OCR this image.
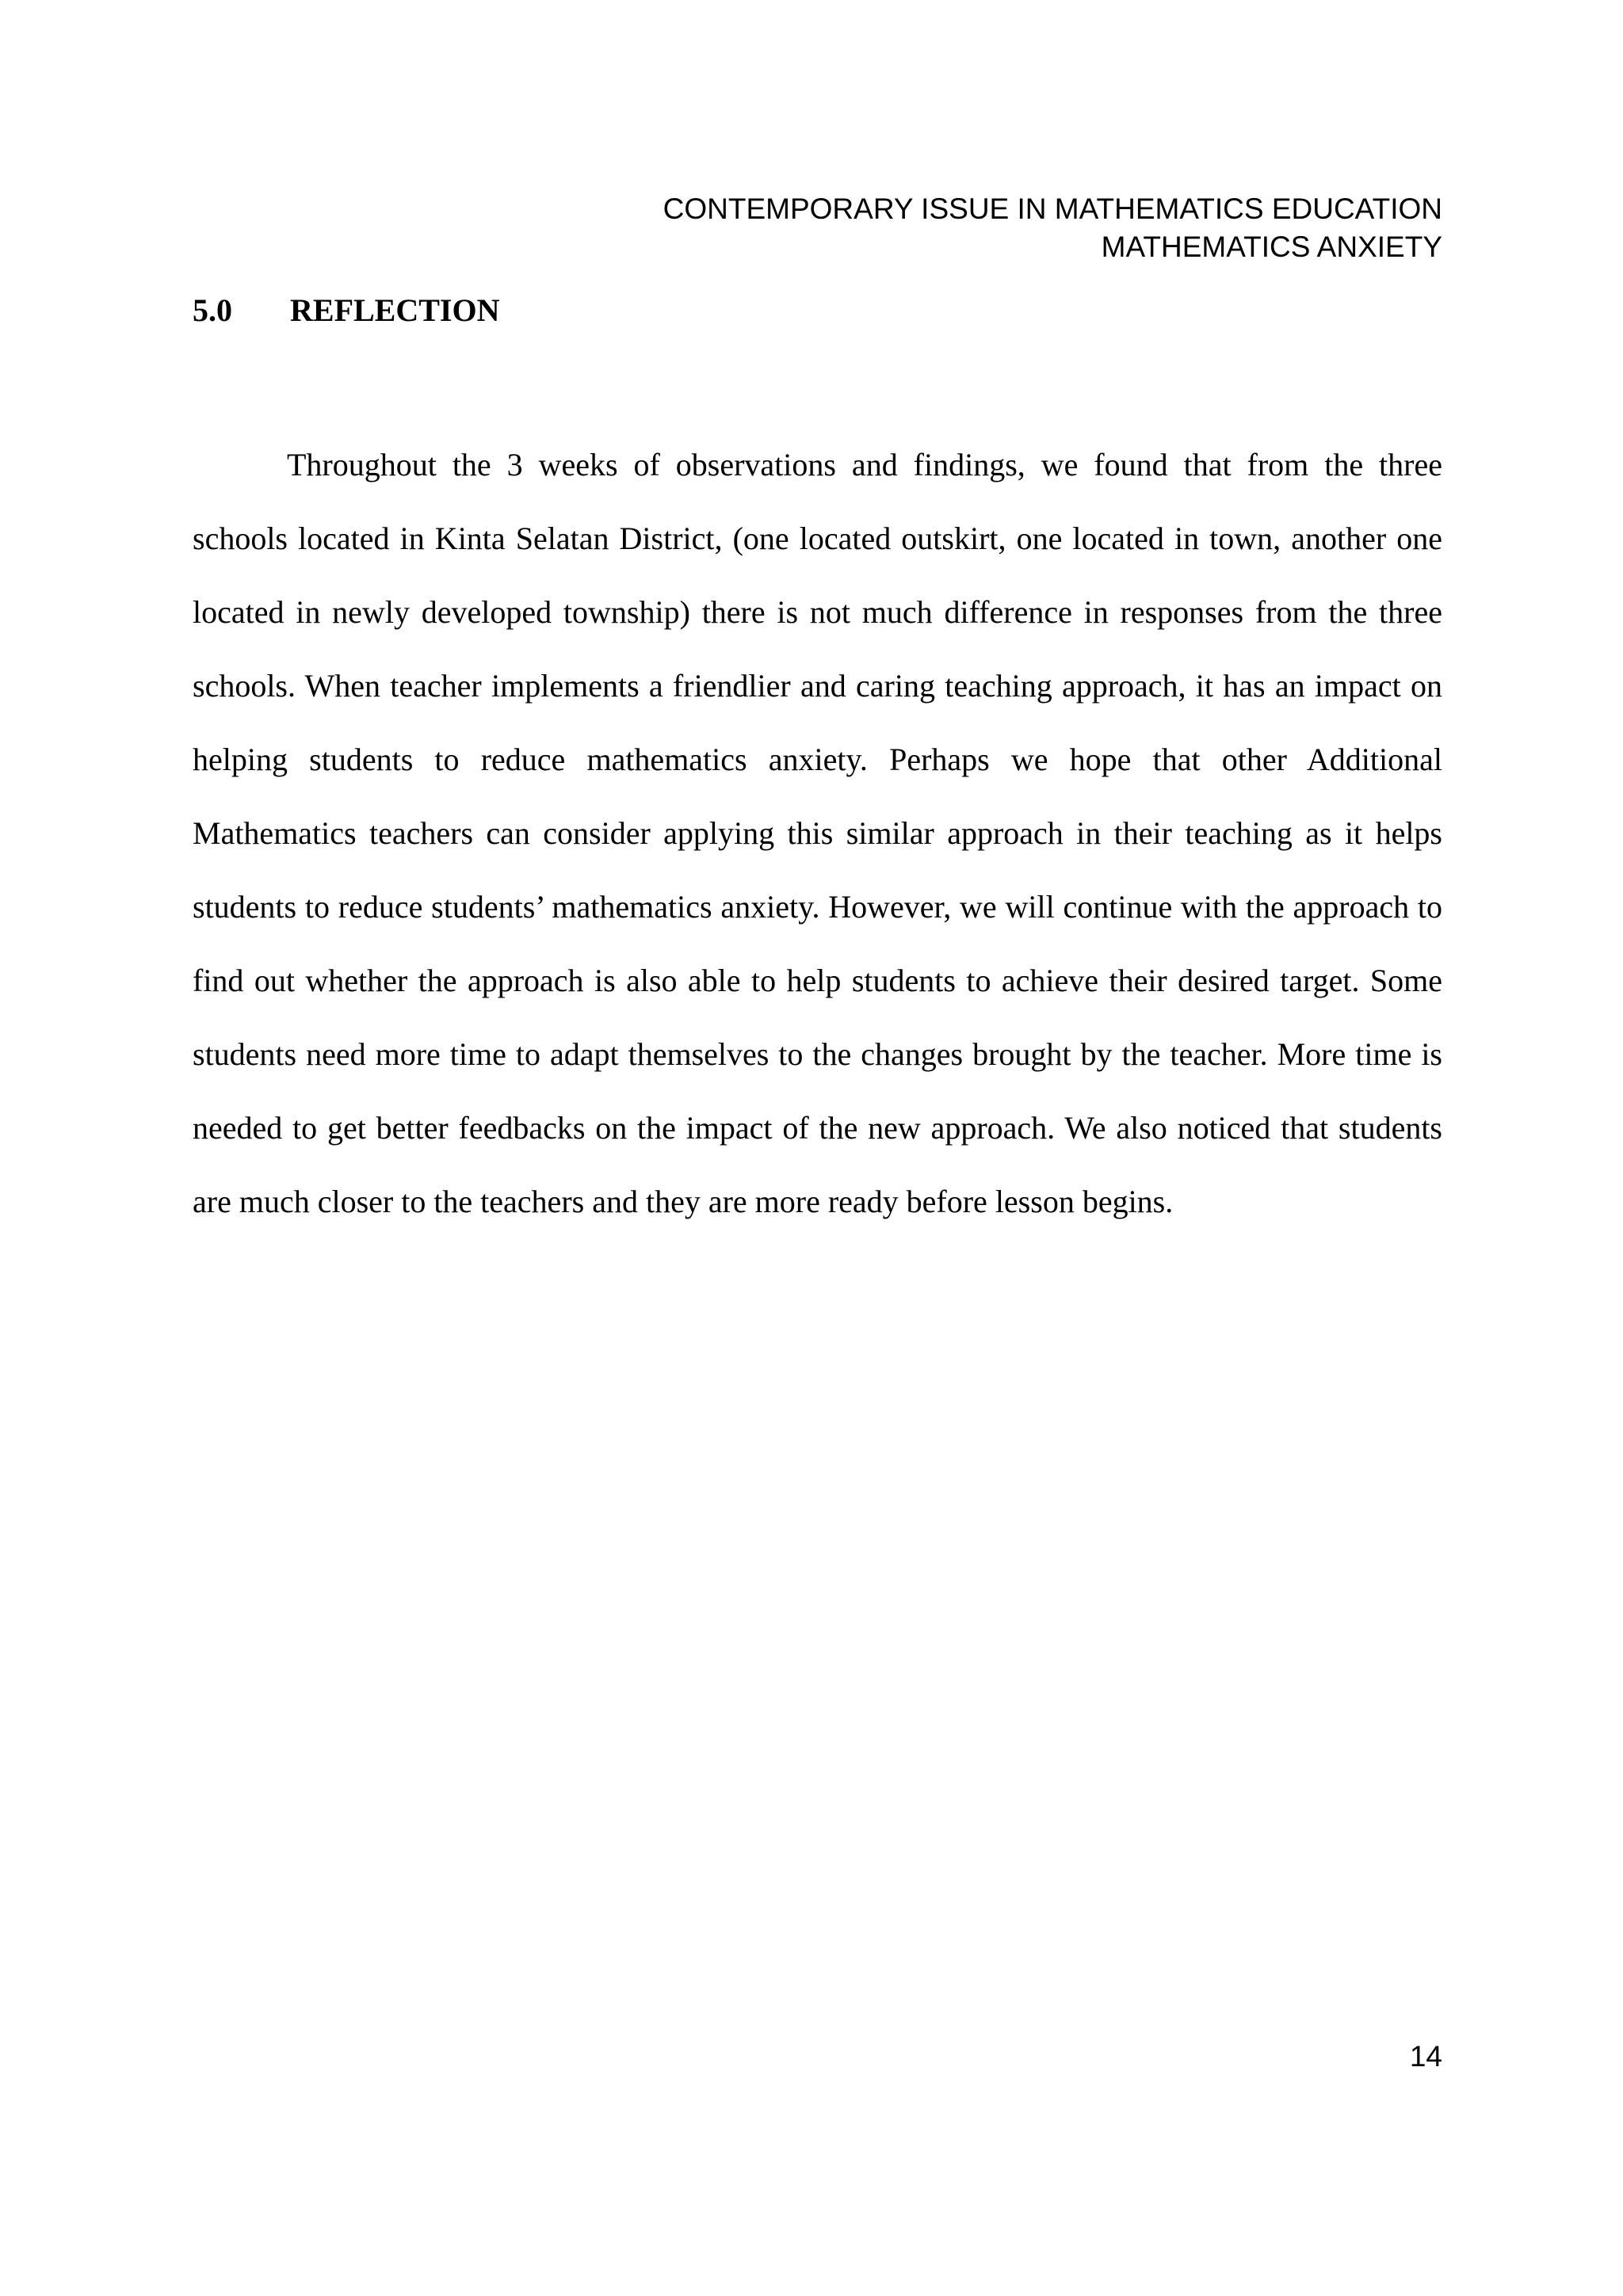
CONTEMPORARY ISSUE IN MATHEMATICS EDUCATION
MATHEMATICS ANXIETY
5.0 REFLECTION

Throughout the 3 weeks of observations and findings, we found that from the three schools located in Kinta Selatan District, (one located outskirt, one located in town, another one located in newly developed township) there is not much difference in responses from the three schools. When teacher implements a friendlier and caring teaching approach, it has an impact on helping students to reduce mathematics anxiety. Perhaps we hope that other Additional Mathematics teachers can consider applying this similar approach in their teaching as it helps students to reduce students’ mathematics anxiety. However, we will continue with the approach to find out whether the approach is also able to help students to achieve their desired target. Some students need more time to adapt themselves to the changes brought by the teacher. More time is needed to get better feedbacks on the impact of the new approach. We also noticed that students are much closer to the teachers and they are more ready before lesson begins.

14
